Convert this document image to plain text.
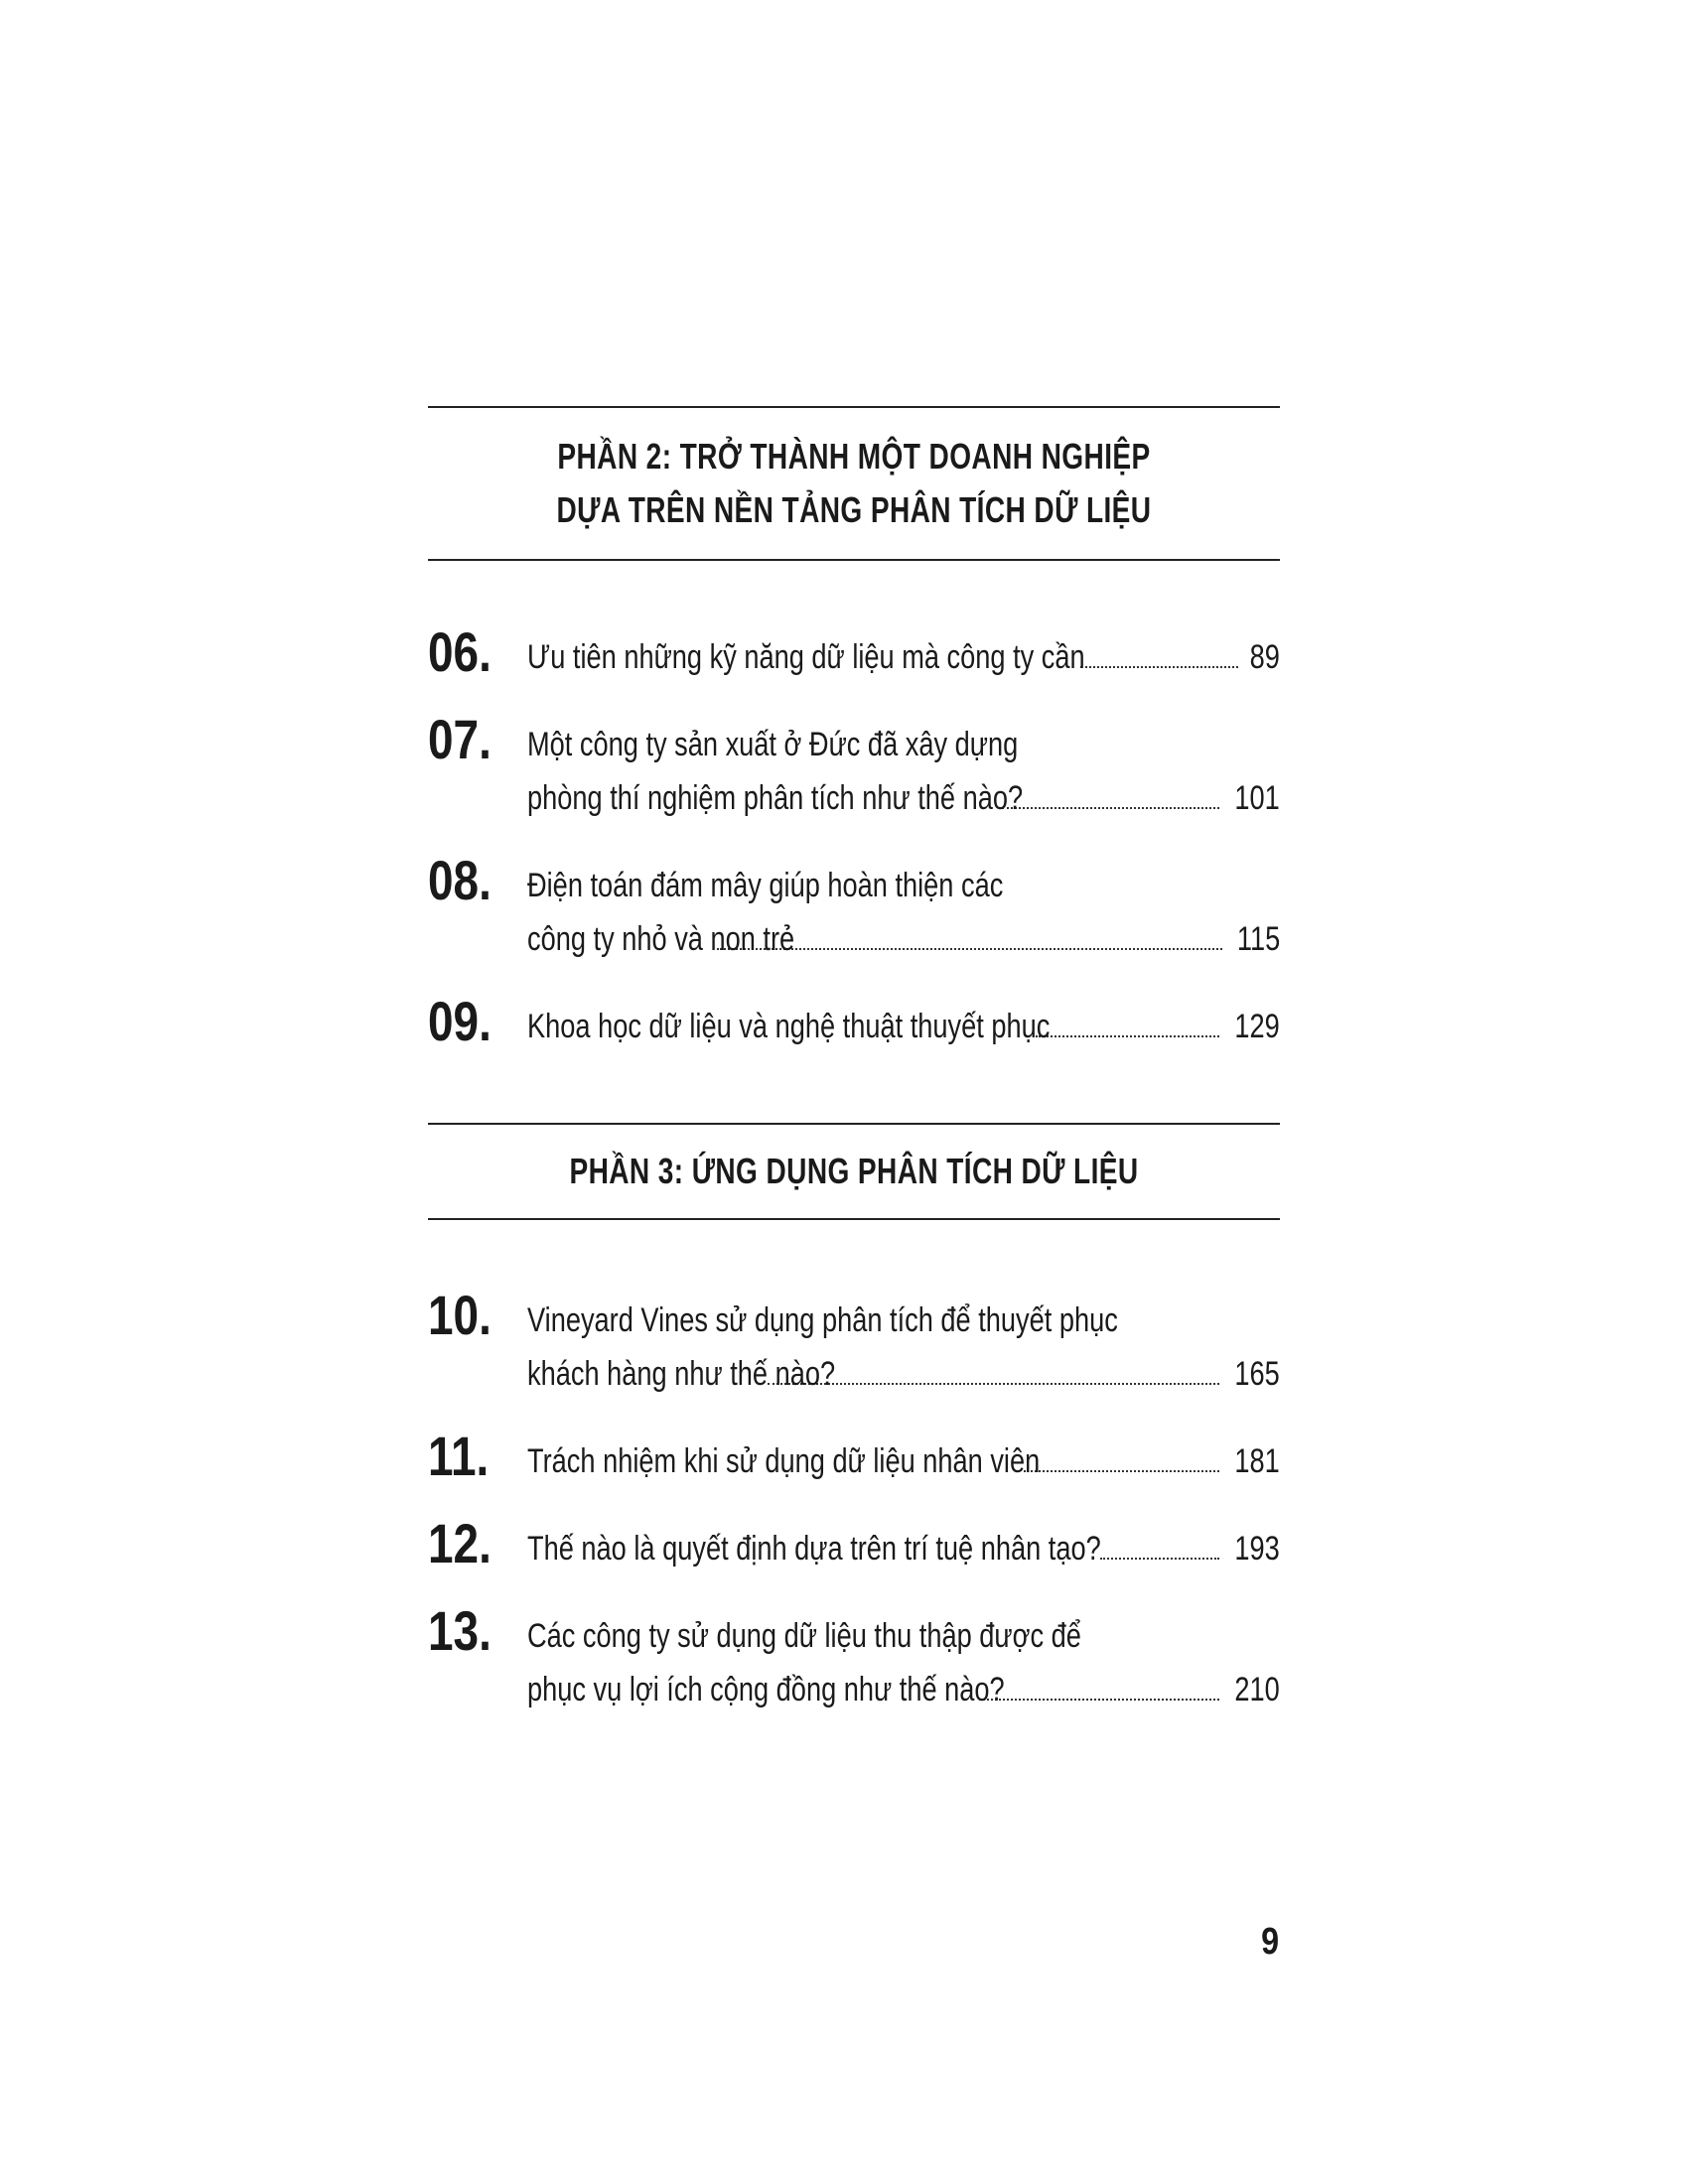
PHẦN 2: TRỞ THÀNH MỘT DOANH NGHIỆP
DỰA TRÊN NỀN TẢNG PHÂN TÍCH DỮ LIỆU
06. Ưu tiên những kỹ năng dữ liệu mà công ty cần	89
07. Một công ty sản xuất ở Đức đã xây dựng
phòng thí nghiệm phân tích như thế nào?	101
08. Điện toán đám mây giúp hoàn thiện các
công ty nhỏ và non trẻ	115
09. Khoa học dữ liệu và nghệ thuật thuyết phục	129
PHẦN 3: ỨNG DỤNG PHÂN TÍCH DỮ LIỆU
10. Vineyard Vines sử dụng phân tích để thuyết phục
khách hàng như thế nào?	165
11. Trách nhiệm khi sử dụng dữ liệu nhân viên	181
12. Thế nào là quyết định dựa trên trí tuệ nhân tạo?	193
13. Các công ty sử dụng dữ liệu thu thập được để
phục vụ lợi ích cộng đồng như thế nào?	210
9
